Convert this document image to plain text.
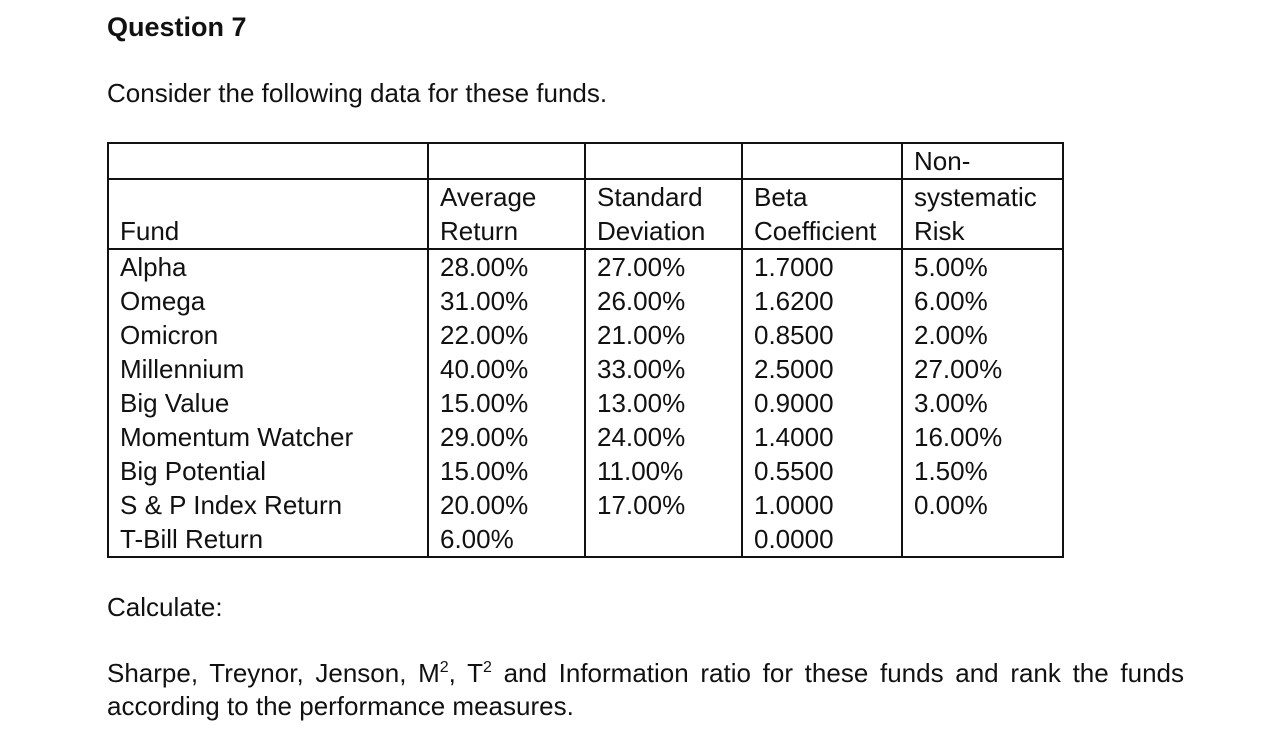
Question 7

Consider the following data for these funds.

				Non-
	Average	Standard	Beta	systematic
Fund	Return	Deviation	Coefficient	Risk
Alpha	28.00%	27.00%	1.7000	5.00%
Omega	31.00%	26.00%	1.6200	6.00%
Omicron	22.00%	21.00%	0.8500	2.00%
Millennium	40.00%	33.00%	2.5000	27.00%
Big Value	15.00%	13.00%	0.9000	3.00%
Momentum Watcher	29.00%	24.00%	1.4000	16.00%
Big Potential	15.00%	11.00%	0.5500	1.50%
S & P Index Return	20.00%	17.00%	1.0000	0.00%
T-Bill Return	6.00%		0.0000	

Calculate:

Sharpe, Treynor, Jenson, $M^2$, $T^2$ and Information ratio for these funds and rank the funds according to the performance measures.
